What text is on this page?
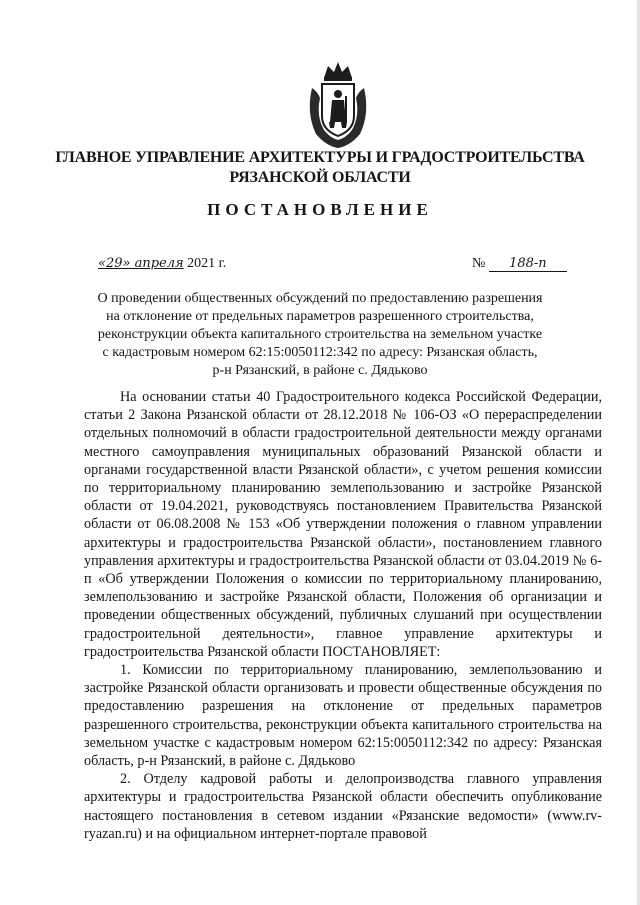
ГЛАВНОЕ УПРАВЛЕНИЕ АРХИТЕКТУРЫ И ГРАДОСТРОИТЕЛЬСТВА
РЯЗАНСКОЙ ОБЛАСТИ
ПОСТАНОВЛЕНИЕ
«29» апреля 2021 г.	№ 188-п
О проведении общественных обсуждений по предоставлению разрешения
на отклонение от предельных параметров разрешенного строительства,
реконструкции объекта капитального строительства на земельном участке
с кадастровым номером 62:15:0050112:342 по адресу: Рязанская область,
р-н Рязанский, в районе с. Дядьково

На основании статьи 40 Градостроительного кодекса Российской Федерации, статьи 2 Закона Рязанской области от 28.12.2018 № 106-ОЗ «О перераспределении отдельных полномочий в области градостроительной деятельности между органами местного самоуправления муниципальных образований Рязанской области и органами государственной власти Рязанской области», с учетом решения комиссии по территориальному планированию землепользованию и застройке Рязанской области от 19.04.2021, руководствуясь постановлением Правительства Рязанской области от 06.08.2008 № 153 «Об утверждении положения о главном управлении архитектуры и градостроительства Рязанской области», постановлением главного управления архитектуры и градостроительства Рязанской области от 03.04.2019 № 6-п «Об утверждении Положения о комиссии по территориальному планированию, землепользованию и застройке Рязанской области, Положения об организации и проведении общественных обсуждений, публичных слушаний при осуществлении градостроительной деятельности», главное управление архитектуры и градостроительства Рязанской области ПОСТАНОВЛЯЕТ:

1. Комиссии по территориальному планированию, землепользованию и застройке Рязанской области организовать и провести общественные обсуждения по предоставлению разрешения на отклонение от предельных параметров разрешенного строительства, реконструкции объекта капитального строительства на земельном участке с кадастровым номером 62:15:0050112:342 по адресу: Рязанская область, р-н Рязанский, в районе с. Дядьково

2. Отделу кадровой работы и делопроизводства главного управления архитектуры и градостроительства Рязанской области обеспечить опубликование настоящего постановления в сетевом издании «Рязанские ведомости» (www.rv-ryazan.ru) и на официальном интернет-портале правовой
